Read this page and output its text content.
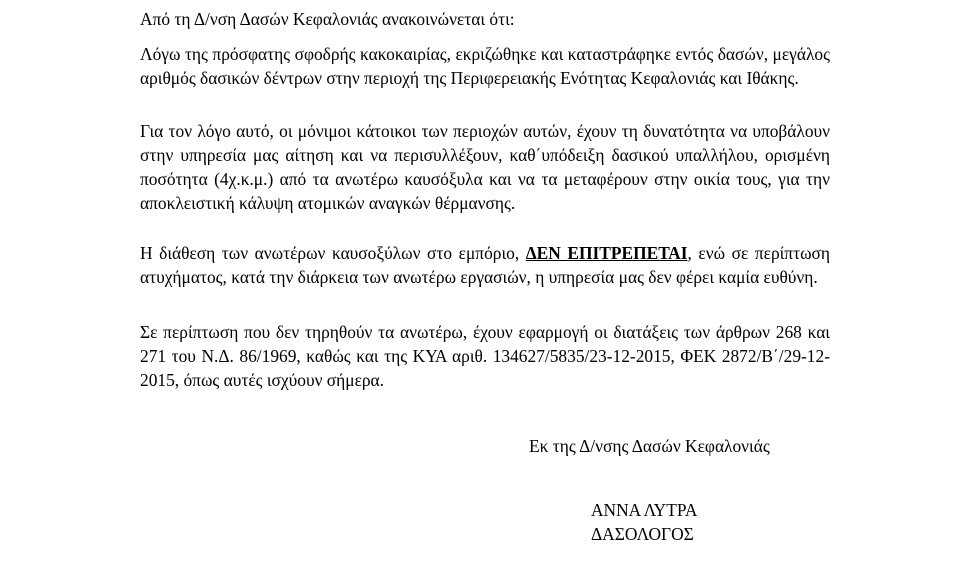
Από τη Δ/νση Δασών Κεφαλονιάς ανακοινώνεται ότι:
Λόγω της πρόσφατης σφοδρής κακοκαιρίας, εκριζώθηκε και καταστράφηκε εντός δασών, μεγάλος αριθμός δασικών δέντρων στην περιοχή της Περιφερειακής Ενότητας Κεφαλονιάς και Ιθάκης.
Για τον λόγο αυτό, οι μόνιμοι κάτοικοι των περιοχών αυτών, έχουν τη δυνατότητα να υποβάλουν στην υπηρεσία μας αίτηση και να περισυλλέξουν, καθ΄υπόδειξη δασικού υπαλλήλου, ορισμένη ποσότητα (4χ.κ.μ.) από τα ανωτέρω καυσόξυλα και να τα μεταφέρουν στην οικία τους, για την αποκλειστική κάλυψη ατομικών αναγκών θέρμανσης.
Η διάθεση των ανωτέρων καυσοξύλων στο εμπόριο, ΔΕΝ ΕΠΙΤΡΕΠΕΤΑΙ, ενώ σε περίπτωση ατυχήματος, κατά την διάρκεια των ανωτέρω εργασιών, η υπηρεσία μας δεν φέρει καμία ευθύνη.
Σε περίπτωση που δεν τηρηθούν τα ανωτέρω, έχουν εφαρμογή οι διατάξεις των άρθρων 268 και 271 του Ν.Δ. 86/1969, καθώς και της ΚΥΑ αριθ. 134627/5835/23-12-2015, ΦΕΚ 2872/Β΄/29-12-2015, όπως αυτές ισχύουν σήμερα.
Εκ της Δ/νσης Δασών Κεφαλονιάς
ΑΝΝΑ ΛΥΤΡΑ
ΔΑΣΟΛΟΓΟΣ
